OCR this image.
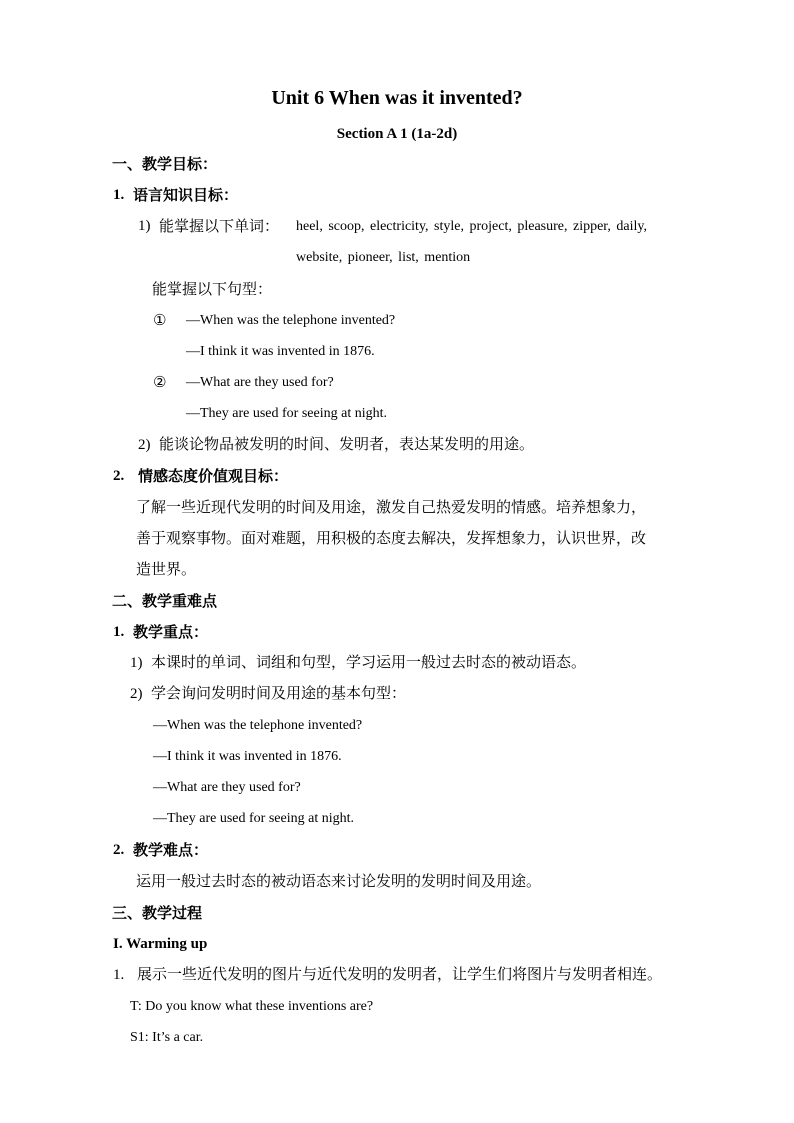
Unit 6 When was it invented?
Section A 1 (1a-2d)
一、教学目标：
1. 语言知识目标：
1) 能掌握以下单词： heel, scoop, electricity, style, project, pleasure, zipper, daily,
website, pioneer, list, mention
能掌握以下句型：
① —When was the telephone invented?
—I think it was invented in 1876.
② —What are they used for?
—They are used for seeing at night.
2) 能谈论物品被发明的时间、发明者，表达某发明的用途。
2. 情感态度价值观目标：
了解一些近现代发明的时间及用途，激发自己热爱发明的情感。培养想象力，
善于观察事物。面对难题，用积极的态度去解决，发挥想象力，认识世界，改
造世界。
二、教学重难点
1. 教学重点：
1) 本课时的单词、词组和句型，学习运用一般过去时态的被动语态。
2) 学会询问发明时间及用途的基本句型：
—When was the telephone invented?
—I think it was invented in 1876.
—What are they used for?
—They are used for seeing at night.
2. 教学难点：
运用一般过去时态的被动语态来讨论发明的发明时间及用途。
三、教学过程
I. Warming up
1. 展示一些近代发明的图片与近代发明的发明者，让学生们将图片与发明者相连。
T: Do you know what these inventions are?
S1: It’s a car.
